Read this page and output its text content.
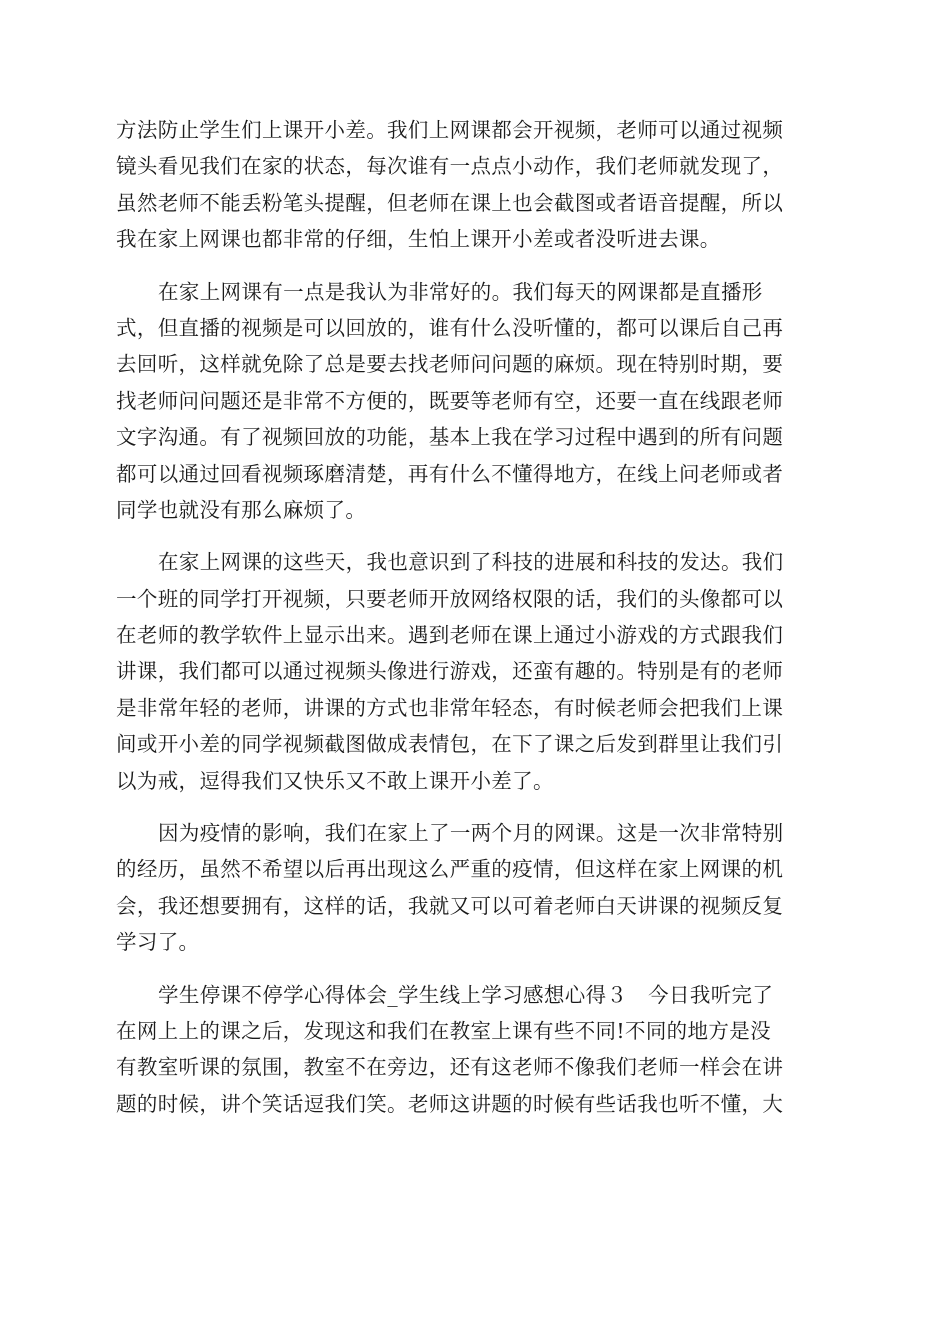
方法防止学生们上课开小差。我们上网课都会开视频，老师可以通过视频
镜头看见我们在家的状态，每次谁有一点点小动作，我们老师就发现了，
虽然老师不能丢粉笔头提醒，但老师在课上也会截图或者语音提醒，所以
我在家上网课也都非常的仔细，生怕上课开小差或者没听进去课。
在家上网课有一点是我认为非常好的。我们每天的网课都是直播形
式，但直播的视频是可以回放的，谁有什么没听懂的，都可以课后自己再
去回听，这样就免除了总是要去找老师问问题的麻烦。现在特别时期，要
找老师问问题还是非常不方便的，既要等老师有空，还要一直在线跟老师
文字沟通。有了视频回放的功能，基本上我在学习过程中遇到的所有问题
都可以通过回看视频琢磨清楚，再有什么不懂得地方，在线上问老师或者
同学也就没有那么麻烦了。
在家上网课的这些天，我也意识到了科技的进展和科技的发达。我们
一个班的同学打开视频，只要老师开放网络权限的话，我们的头像都可以
在老师的教学软件上显示出来。遇到老师在课上通过小游戏的方式跟我们
讲课，我们都可以通过视频头像进行游戏，还蛮有趣的。特别是有的老师
是非常年轻的老师，讲课的方式也非常年轻态，有时候老师会把我们上课
间或开小差的同学视频截图做成表情包，在下了课之后发到群里让我们引
以为戒，逗得我们又快乐又不敢上课开小差了。
因为疫情的影响，我们在家上了一两个月的网课。这是一次非常特别
的经历，虽然不希望以后再出现这么严重的疫情，但这样在家上网课的机
会，我还想要拥有，这样的话，我就又可以可着老师白天讲课的视频反复
学习了。
学生停课不停学心得体会_学生线上学习感想心得３　今日我听完了
在网上上的课之后，发现这和我们在教室上课有些不同!不同的地方是没
有教室听课的氛围，教室不在旁边，还有这老师不像我们老师一样会在讲
题的时候，讲个笑话逗我们笑。老师这讲题的时候有些话我也听不懂，大
